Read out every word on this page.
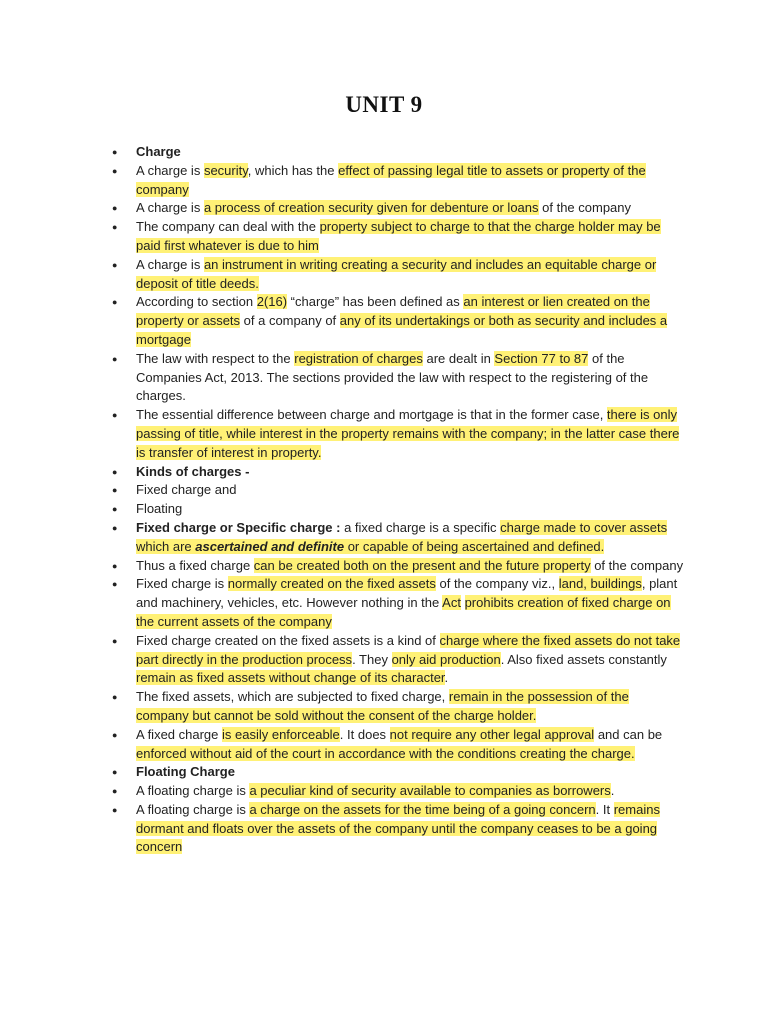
UNIT 9
● Charge
● A charge is security, which has the effect of passing legal title to assets or property of the company
● A charge is a process of creation security given for debenture or loans of the company
● The company can deal with the property subject to charge to that the charge holder may be paid first whatever is due to him
● A charge is an instrument in writing creating a security and includes an equitable charge or deposit of title deeds.
● According to section 2(16) “charge” has been defined as an interest or lien created on the property or assets of a company of any of its undertakings or both as security and includes a mortgage
● The law with respect to the registration of charges are dealt in Section 77 to 87 of the Companies Act, 2013. The sections provided the law with respect to the registering of the charges.
● The essential difference between charge and mortgage is that in the former case, there is only passing of title, while interest in the property remains with the company; in the latter case there is transfer of interest in property.
● Kinds of charges -
● Fixed charge and
● Floating
● Fixed charge or Specific charge : a fixed charge is a specific charge made to cover assets which are ascertained and definite or capable of being ascertained and defined.
● Thus a fixed charge can be created both on the present and the future property of the company
● Fixed charge is normally created on the fixed assets of the company viz., land, buildings, plant and machinery, vehicles, etc. However nothing in the Act prohibits creation of fixed charge on the current assets of the company
● Fixed charge created on the fixed assets is a kind of charge where the fixed assets do not take part directly in the production process. They only aid production. Also fixed assets constantly remain as fixed assets without change of its character.
● The fixed assets, which are subjected to fixed charge, remain in the possession of the company but cannot be sold without the consent of the charge holder.
● A fixed charge is easily enforceable. It does not require any other legal approval and can be enforced without aid of the court in accordance with the conditions creating the charge.
● Floating Charge
● A floating charge is a peculiar kind of security available to companies as borrowers.
● A floating charge is a charge on the assets for the time being of a going concern. It remains dormant and floats over the assets of the company until the company ceases to be a going concern
